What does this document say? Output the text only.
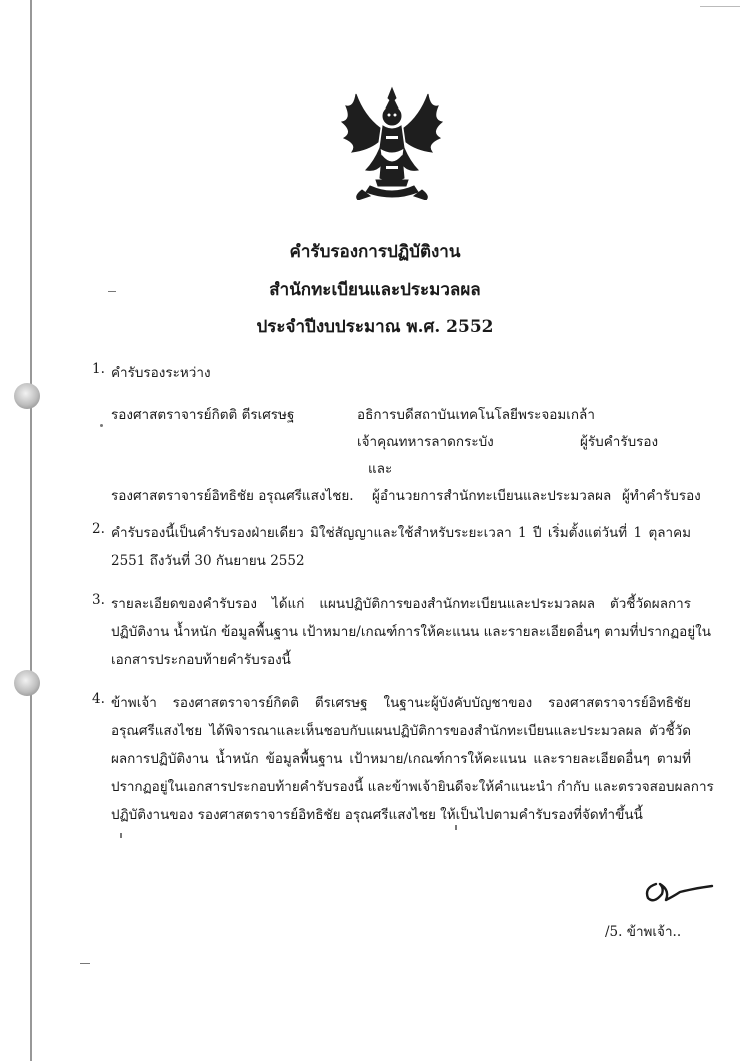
คำรับรองการปฏิบัติงาน
สำนักทะเบียนและประมวลผล
ประจำปีงบประมาณ พ.ศ. 2552
1. คำรับรองระหว่าง
รองศาสตราจารย์กิตติ ตีรเศรษฐ	อธิการบดีสถาบันเทคโนโลยีพระจอมเกล้า
เจ้าคุณทหารลาดกระบัง	ผู้รับคำรับรอง
และ
รองศาสตราจารย์อิทธิชัย อรุณศรีแสงไชย. ผู้อำนวยการสำนักทะเบียนและประมวลผล ผู้ทำคำรับรอง
2. คำรับรองนี้เป็นคำรับรองฝ่ายเดียว มิใช่สัญญาและใช้สำหรับระยะเวลา 1 ปี เริ่มตั้งแต่วันที่ 1 ตุลาคม
2551 ถึงวันที่ 30 กันยายน 2552
3. รายละเอียดของคำรับรอง ได้แก่ แผนปฏิบัติการของสำนักทะเบียนและประมวลผล ตัวชี้วัดผลการ
ปฏิบัติงาน น้ำหนัก ข้อมูลพื้นฐาน เป้าหมาย/เกณฑ์การให้คะแนน และรายละเอียดอื่นๆ ตามที่ปรากฏอยู่ใน
เอกสารประกอบท้ายคำรับรองนี้
4. ข้าพเจ้า รองศาสตราจารย์กิตติ ตีรเศรษฐ ในฐานะผู้บังคับบัญชาของ รองศาสตราจารย์อิทธิชัย
อรุณศรีแสงไชย ได้พิจารณาและเห็นชอบกับแผนปฏิบัติการของสำนักทะเบียนและประมวลผล ตัวชี้วัด
ผลการปฏิบัติงาน น้ำหนัก ข้อมูลพื้นฐาน เป้าหมาย/เกณฑ์การให้คะแนน และรายละเอียดอื่นๆ ตามที่
ปรากฏอยู่ในเอกสารประกอบท้ายคำรับรองนี้ และข้าพเจ้ายินดีจะให้คำแนะนำ กำกับ และตรวจสอบผลการ
ปฏิบัติงานของ รองศาสตราจารย์อิทธิชัย อรุณศรีแสงไชย ให้เป็นไปตามคำรับรองที่จัดทำขึ้นนี้
/5. ข้าพเจ้า..
